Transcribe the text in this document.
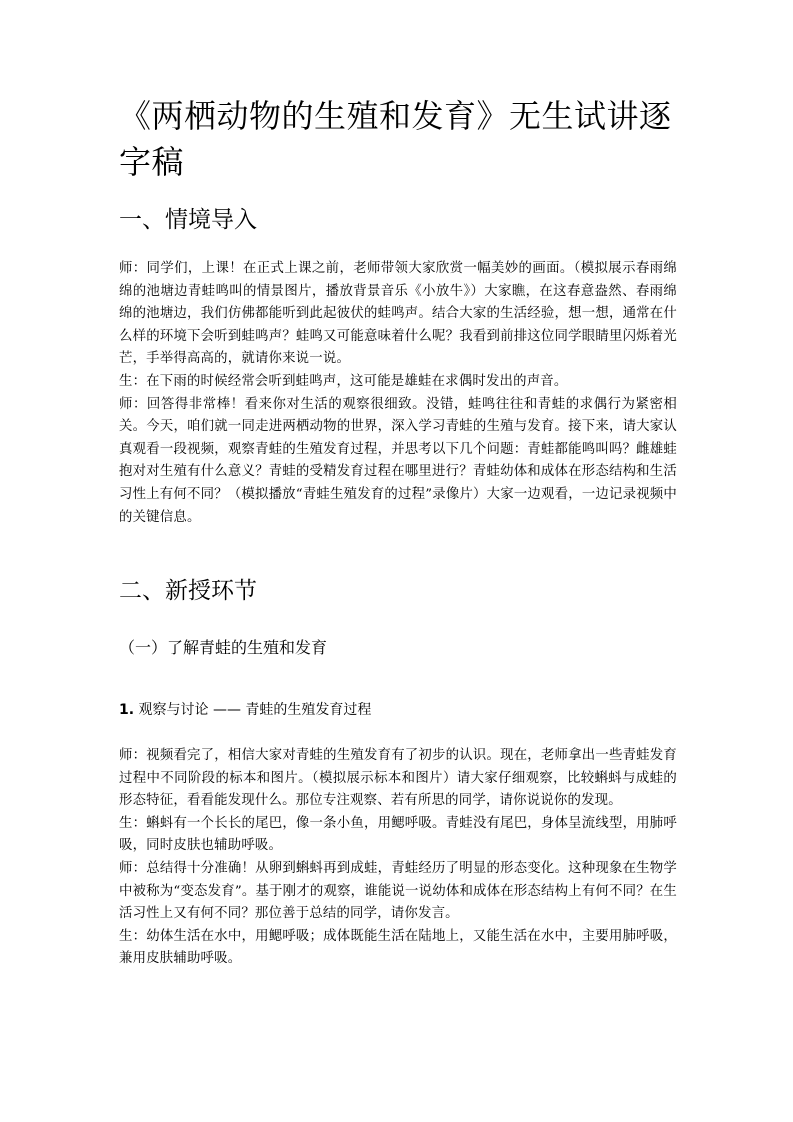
《两栖动物的生殖和发育》无生试讲逐字稿
一、情境导入

师：同学们，上课！在正式上课之前，老师带领大家欣赏一幅美妙的画面。（模拟展示春雨绵绵的池塘边青蛙鸣叫的情景图片，播放背景音乐《小放牛》）大家瞧，在这春意盎然、春雨绵绵的池塘边，我们仿佛都能听到此起彼伏的蛙鸣声。结合大家的生活经验，想一想，通常在什么样的环境下会听到蛙鸣声？蛙鸣又可能意味着什么呢？我看到前排这位同学眼睛里闪烁着光芒，手举得高高的，就请你来说一说。

生：在下雨的时候经常会听到蛙鸣声，这可能是雄蛙在求偶时发出的声音。

师：回答得非常棒！看来你对生活的观察很细致。没错，蛙鸣往往和青蛙的求偶行为紧密相关。今天，咱们就一同走进两栖动物的世界，深入学习青蛙的生殖与发育。接下来，请大家认真观看一段视频，观察青蛙的生殖发育过程，并思考以下几个问题：青蛙都能鸣叫吗？雌雄蛙抱对对生殖有什么意义？青蛙的受精发育过程在哪里进行？青蛙幼体和成体在形态结构和生活习性上有何不同？（模拟播放“青蛙生殖发育的过程”录像片）大家一边观看，一边记录视频中的关键信息。

二、新授环节
（一）了解青蛙的生殖和发育
1. 观察与讨论 —— 青蛙的生殖发育过程

师：视频看完了，相信大家对青蛙的生殖发育有了初步的认识。现在，老师拿出一些青蛙发育过程中不同阶段的标本和图片。（模拟展示标本和图片）请大家仔细观察，比较蝌蚪与成蛙的形态特征，看看能发现什么。那位专注观察、若有所思的同学，请你说说你的发现。

生：蝌蚪有一个长长的尾巴，像一条小鱼，用鳃呼吸。青蛙没有尾巴，身体呈流线型，用肺呼吸，同时皮肤也辅助呼吸。

师：总结得十分准确！从卵到蝌蚪再到成蛙，青蛙经历了明显的形态变化。这种现象在生物学中被称为“变态发育”。基于刚才的观察，谁能说一说幼体和成体在形态结构上有何不同？在生活习性上又有何不同？那位善于总结的同学，请你发言。

生：幼体生活在水中，用鳃呼吸；成体既能生活在陆地上，又能生活在水中，主要用肺呼吸，兼用皮肤辅助呼吸。
